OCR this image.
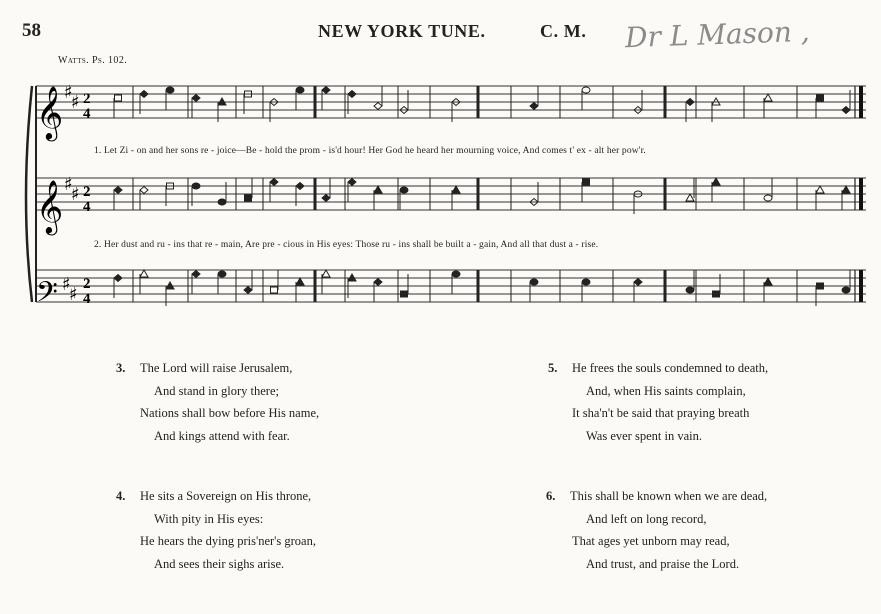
58	NEW YORK TUNE.	C. M. Dr L Mason ,
Watts. Ps. 102.
𝄞
𝄞
𝄢
♯
♯
♯
♯
♯
♯
2
4
2
4
2
4
1. Let Zi - on and her sons re - joice—Be - hold the prom - is'd hour! Her God he heard her mourning voice, And comes t' ex - alt her pow'r.
2. Her dust and ru - ins that re - main, Are pre - cious in His eyes: Those ru - ins shall be built a - gain, And all that dust a - rise.
3. The Lord will raise Jerusalem,
And stand in glory there;
Nations shall bow before His name,
And kings attend with fear.
4. He sits a Sovereign on His throne,
With pity in His eyes:
He hears the dying pris'ner's groan,
And sees their sighs arise.
5. He frees the souls condemned to death,
And, when His saints complain,
It sha'n't be said that praying breath
Was ever spent in vain.
6. This shall be known when we are dead,
And left on long record,
That ages yet unborn may read,
And trust, and praise the Lord.
